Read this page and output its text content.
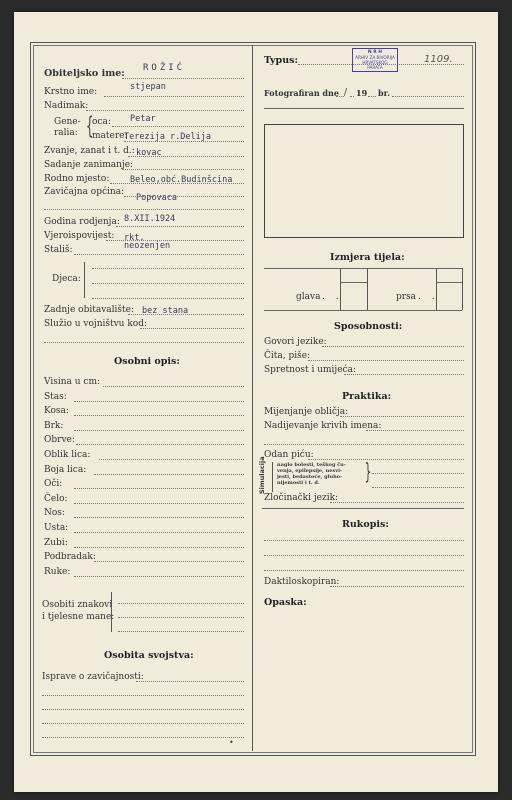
Obiteljsko ime: ROŽIĆ
Krstno ime:	stjepan
Nadimak:
Gene-
ralia: {
oca: Petar
matere:
Terezija r.Delija
Zvanje, zanat i t. d.: kovac
Sadanje zanimanje:
Rodno mjesto: Beleo,obć.Budinšcina
Zavičajna općina:
Popovaca
Godina rodjenja: 8.XII.1924
Vjeroispovijest: rkt.
Stališ:	neozenjen
Djeca:
Zadnje obitavalište: bez stana
Služio u vojništvu kod:
Osobni opis:
Visina u cm:
Stas:
Kosa:
Brk:
Obrve:
Oblik lica:
Boja lica:
Oči:
Čelo:
Nos:
Usta:
Zubi:
Podbradak:
Ruke:
Osobiti znakovi
i tjelesne mane:
Osobita svojstva:
Isprave o zavičajnosti:
Typus:
N R H
ARHIV ZA BIVORIJA
HRVATSKOG PARATA
1109.
Fotografiran dne / 19 br.
Izmjera tijela:
glava . .	prsa . .
Sposobnosti:
Govori jezike:
Čita, piše:
Spretnost i umijeća:
Praktika:
Mijenjanje obličja:
Nadijevanje krivih imena:
Odan piću:
Simulacija naglo bolesti, teškog ču-
venja, epilepsije, nesvi-
jesti, bedastoće, gluho-
nijemosti i t. d.	}
Zločinački jezik:
Rukopis:
Daktiloskopiran:
Opaska:
•
